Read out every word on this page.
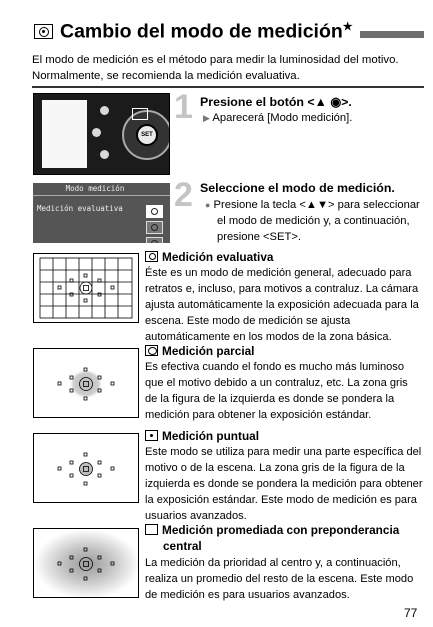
Cambio del modo de medición★
El modo de medición es el método para medir la luminosidad del motivo. Normalmente, se recomienda la medición evaluativa.
SET
1 Presione el botón <▲ ◉>.
▶ Aparecerá [Modo medición].
Modo medición
Medición evaluativa 2 Seleccione el modo de medición.
● Presione la tecla <▲▼> para seleccionar el modo de medición y, a continuación, presione <SET>.
Medición evaluativa
Éste es un modo de medición general, adecuado para retratos e, incluso, para motivos a contraluz. La cámara ajusta automáticamente la exposición adecuada para la escena. Este modo de medición se ajusta automáticamente en los modos de la zona básica.
Medición parcial
Es efectiva cuando el fondo es mucho más luminoso que el motivo debido a un contraluz, etc. La zona gris de la figura de la izquierda es donde se pondera la medición para obtener la exposición estándar.
Medición puntual
Este modo se utiliza para medir una parte específica del motivo o de la escena. La zona gris de la figura de la izquierda es donde se pondera la medición para obtener la exposición estándar. Este modo de medición es para usuarios avanzados.
Medición promediada con preponderancia
central
La medición da prioridad al centro y, a continuación, realiza un promedio del resto de la escena. Este modo de medición es para usuarios avanzados.
77
